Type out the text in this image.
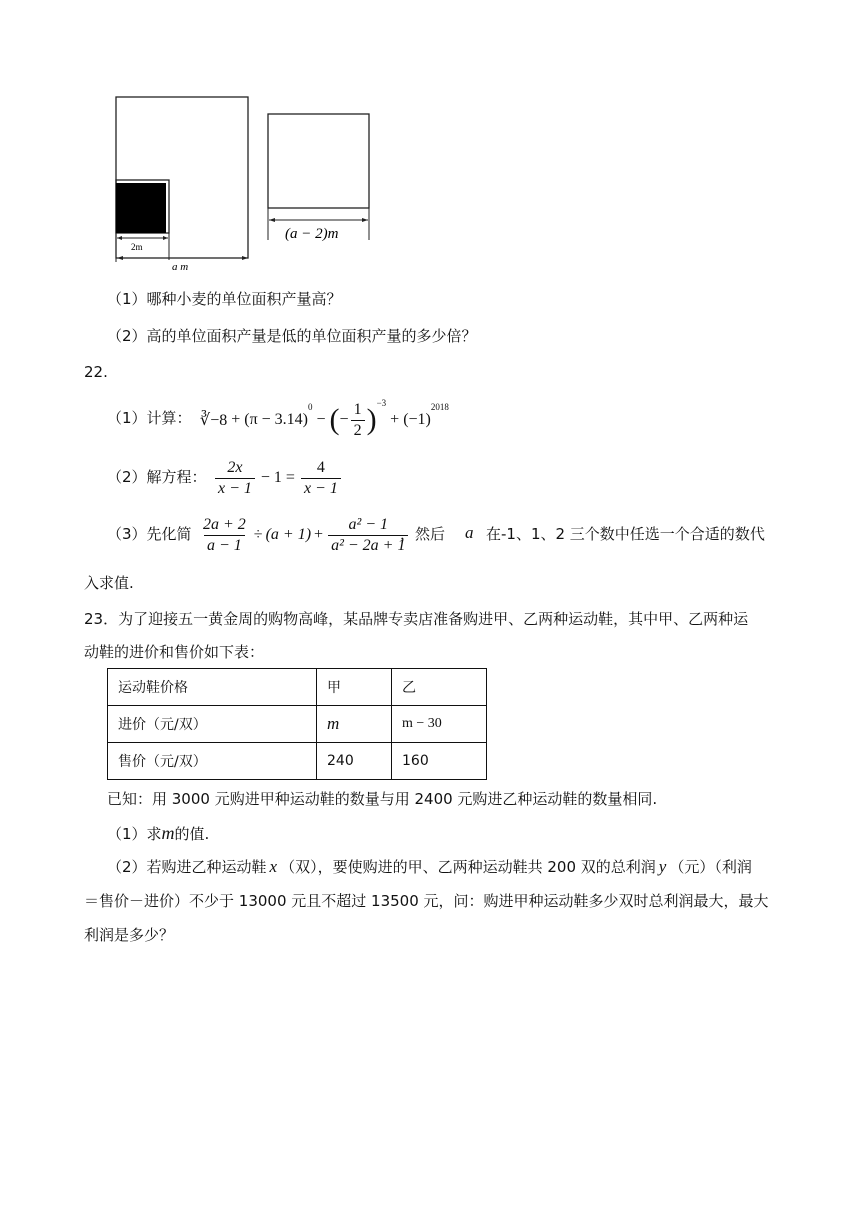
2m
a m
(a − 2)m
（1）哪种小麦的单位面积产量高？
（2）高的单位面积产量是低的单位面积产量的多少倍？
22.
（1）计算： ∛−8 + (π − 3.14)
$^0$
− ( − $\frac{1}{2} )^{-3}$
+ (−1)
$^{2018}$
（2）解方程： $\frac{2x}{x - 1} - 1 = \frac{4}{x - 1}$
（3）先化简 $\frac{2a + 2}{a - 1} \div (a + 1) + \frac{\text{a² − 1}}{\text{a² − 2a + 1}}$
，然后 a 在-1、1、2 三个数中任选一个合适的数代
入求值.
23．为了迎接五一黄金周的购物高峰，某品牌专卖店准备购进甲、乙两种运动鞋，其中甲、乙两种运
动鞋的进价和售价如下表：
运动鞋价格	甲	乙
进价（元/双）	m	m − 30
售价（元/双）	240	160
已知：用 3000 元购进甲种运动鞋的数量与用 2400 元购进乙种运动鞋的数量相同.
（1）求m的值.
（2）若购进乙种运动鞋 x （双），要使购进的甲、乙两种运动鞋共 200 双的总利润 y （元）（利润
＝售价－进价）不少于 13000 元且不超过 13500 元，问：购进甲种运动鞋多少双时总利润最大，最大
利润是多少？
